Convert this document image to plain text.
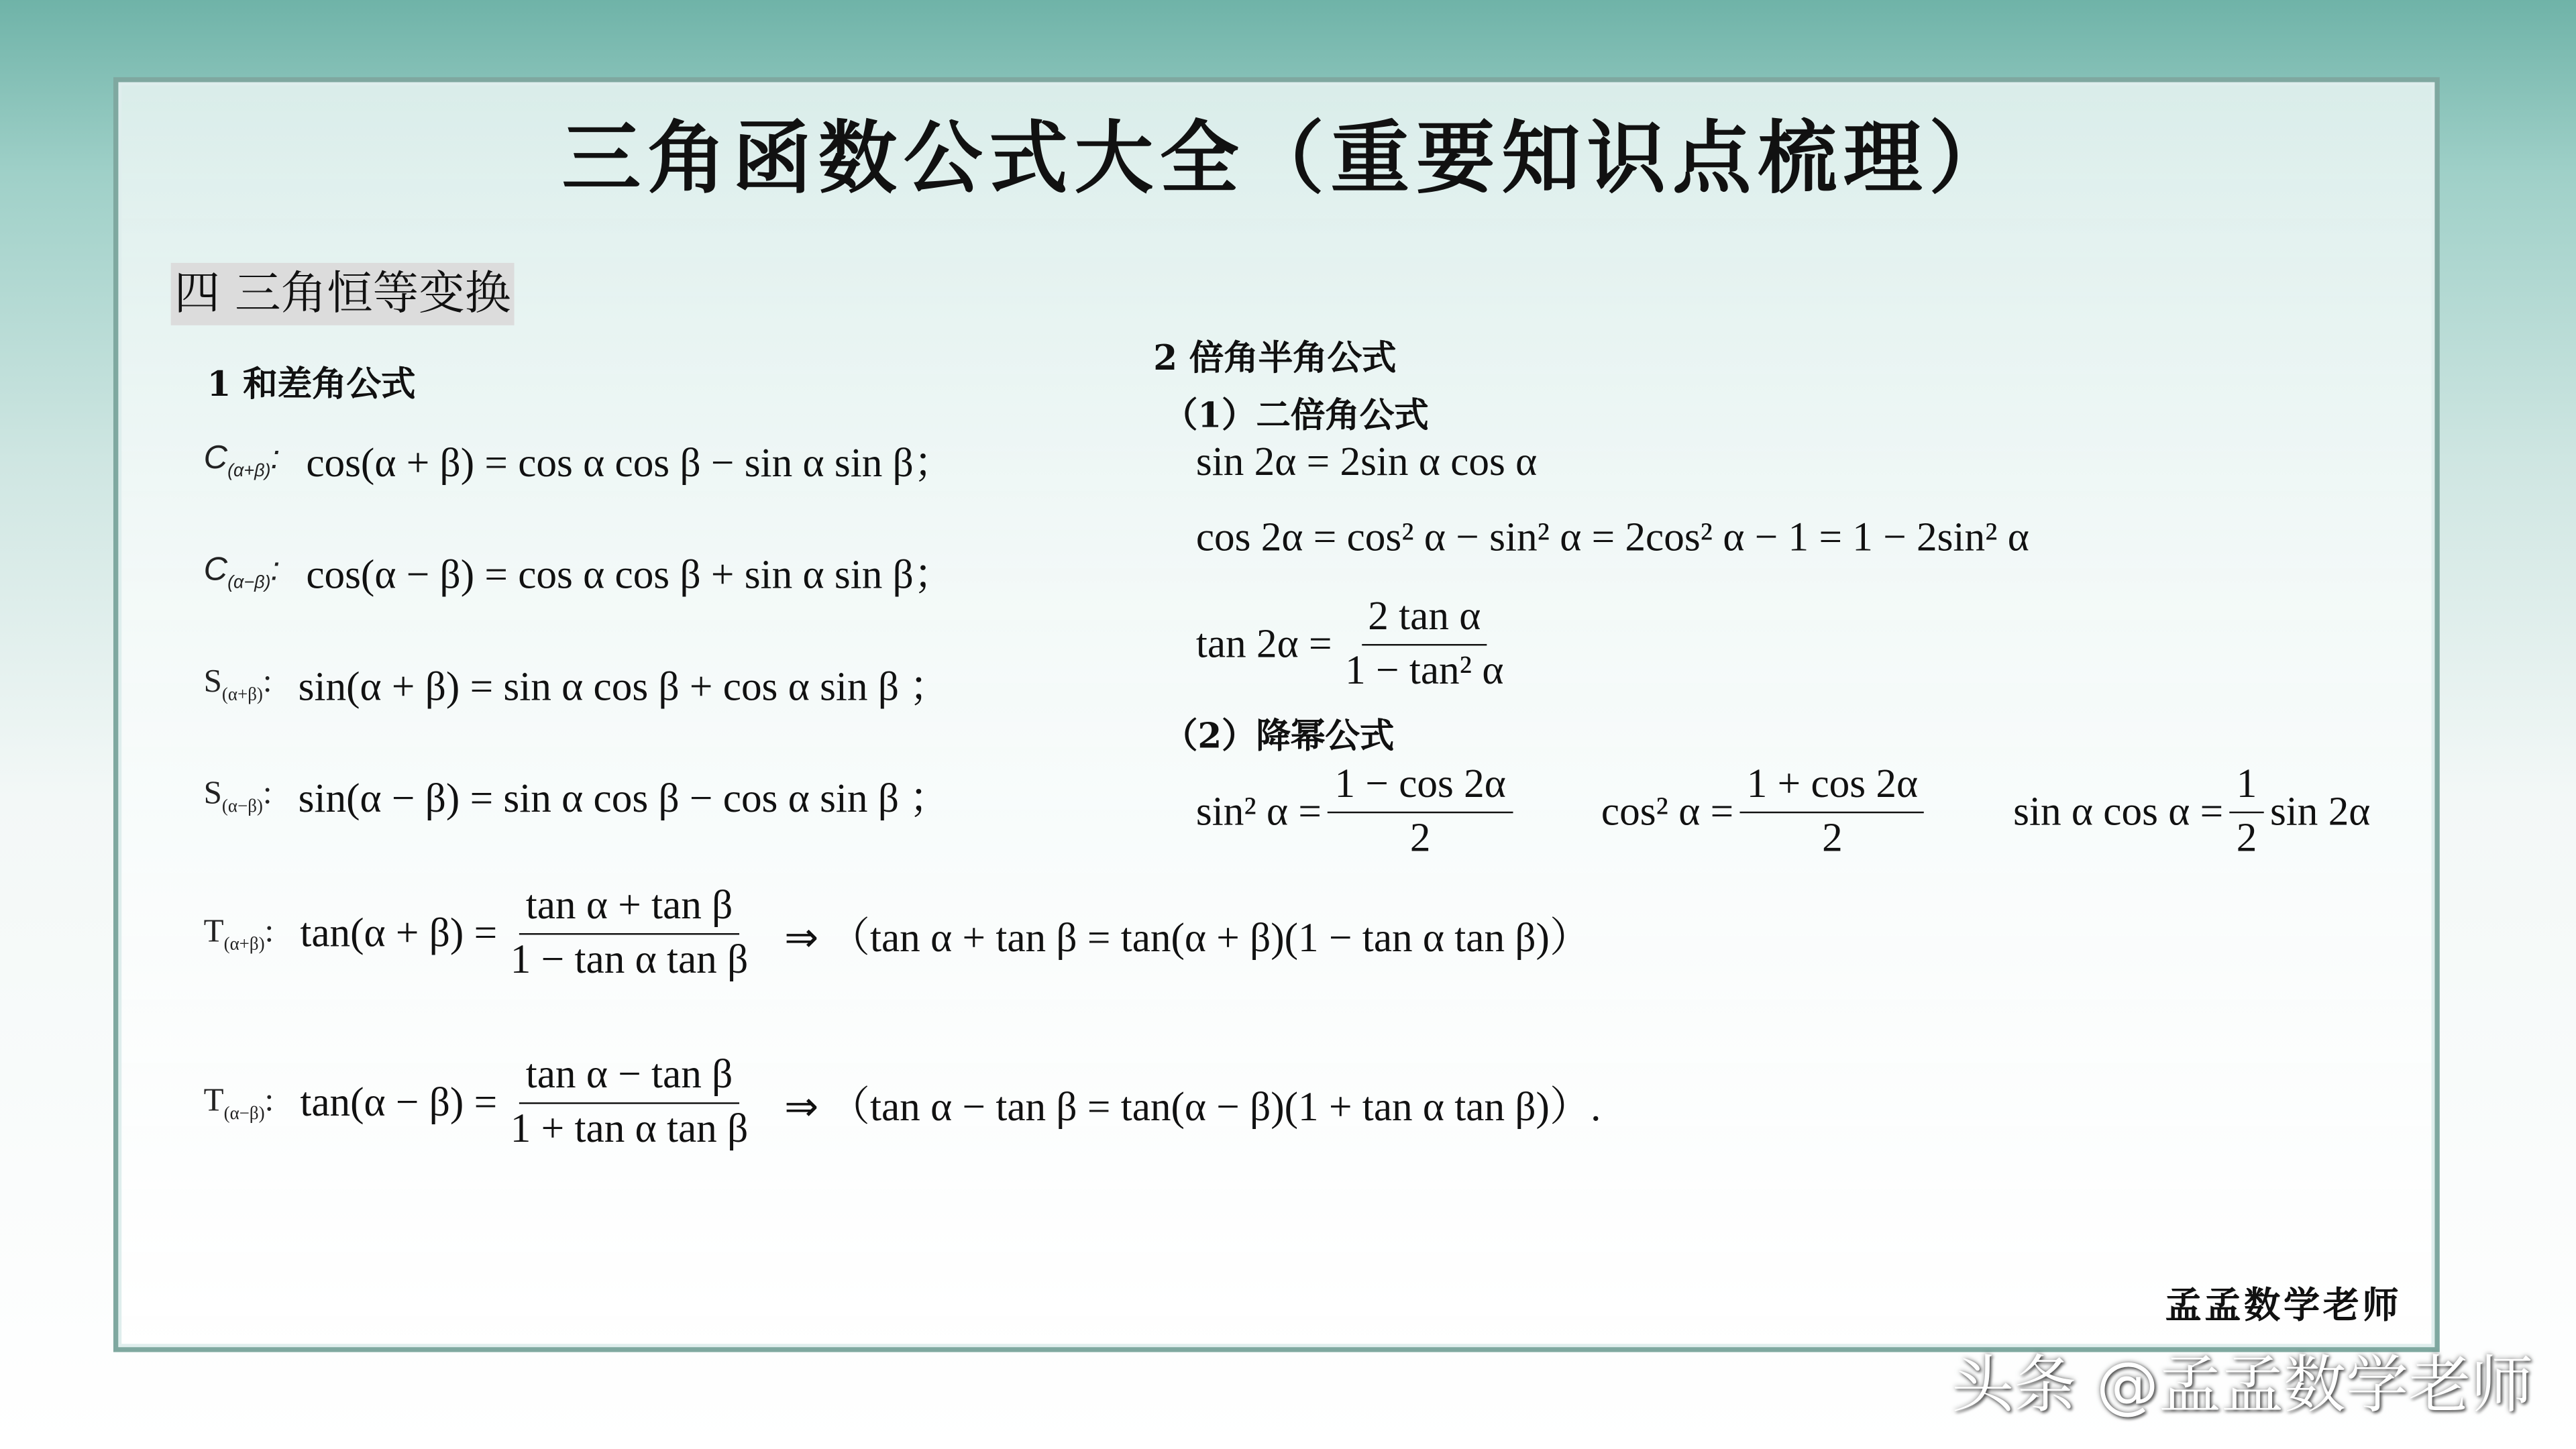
三角函数公式大全（重要知识点梳理）
四 三角恒等变换
1 和差角公式
$C_{(\alpha+\beta)}$: cos(α + β) = cos α cos β − sin α sin β；
$C_{(\alpha-\beta)}$: cos(α − β) = cos α cos β + sin α sin β；
$S_{(\alpha+\beta)}$: sin(α + β) = sin α cos β + cos α sin β ；
$S_{(\alpha-\beta)}$: sin(α − β) = sin α cos β − cos α sin β ；
$T_{(\alpha+\beta)}$: $\tan(\alpha + \beta) = \frac{\text{tan α + tan β}}{\text{1 − tan α tan β}}$ ⇒ （tan α + tan β = tan(α + β)(1 − tan α tan β)）
$T_{(\alpha-\beta)}$: $\tan(\alpha - \beta) = \frac{\text{tan α − tan β}}{\text{1 + tan α tan β}}$ ⇒ （tan α − tan β = tan(α − β)(1 + tan α tan β)）.
2 倍角半角公式
（1）二倍角公式
sin 2α = 2sin α cos α
cos 2α = cos² α − sin² α = 2cos² α − 1 = 1 − 2sin² α
$\tan 2\alpha = \frac{\text{2 tan α}}{\text{1 − tan² α}}$
（2）降幂公式
sin² $\alpha = \frac{1 - \cos 2\alpha}{2}$	cos² $\alpha = \frac{1 + \cos 2\alpha}{2}$	sin α $\cos \alpha = \frac{1}{2}$ sin 2α
孟孟数学老师
头条 @孟孟数学老师
